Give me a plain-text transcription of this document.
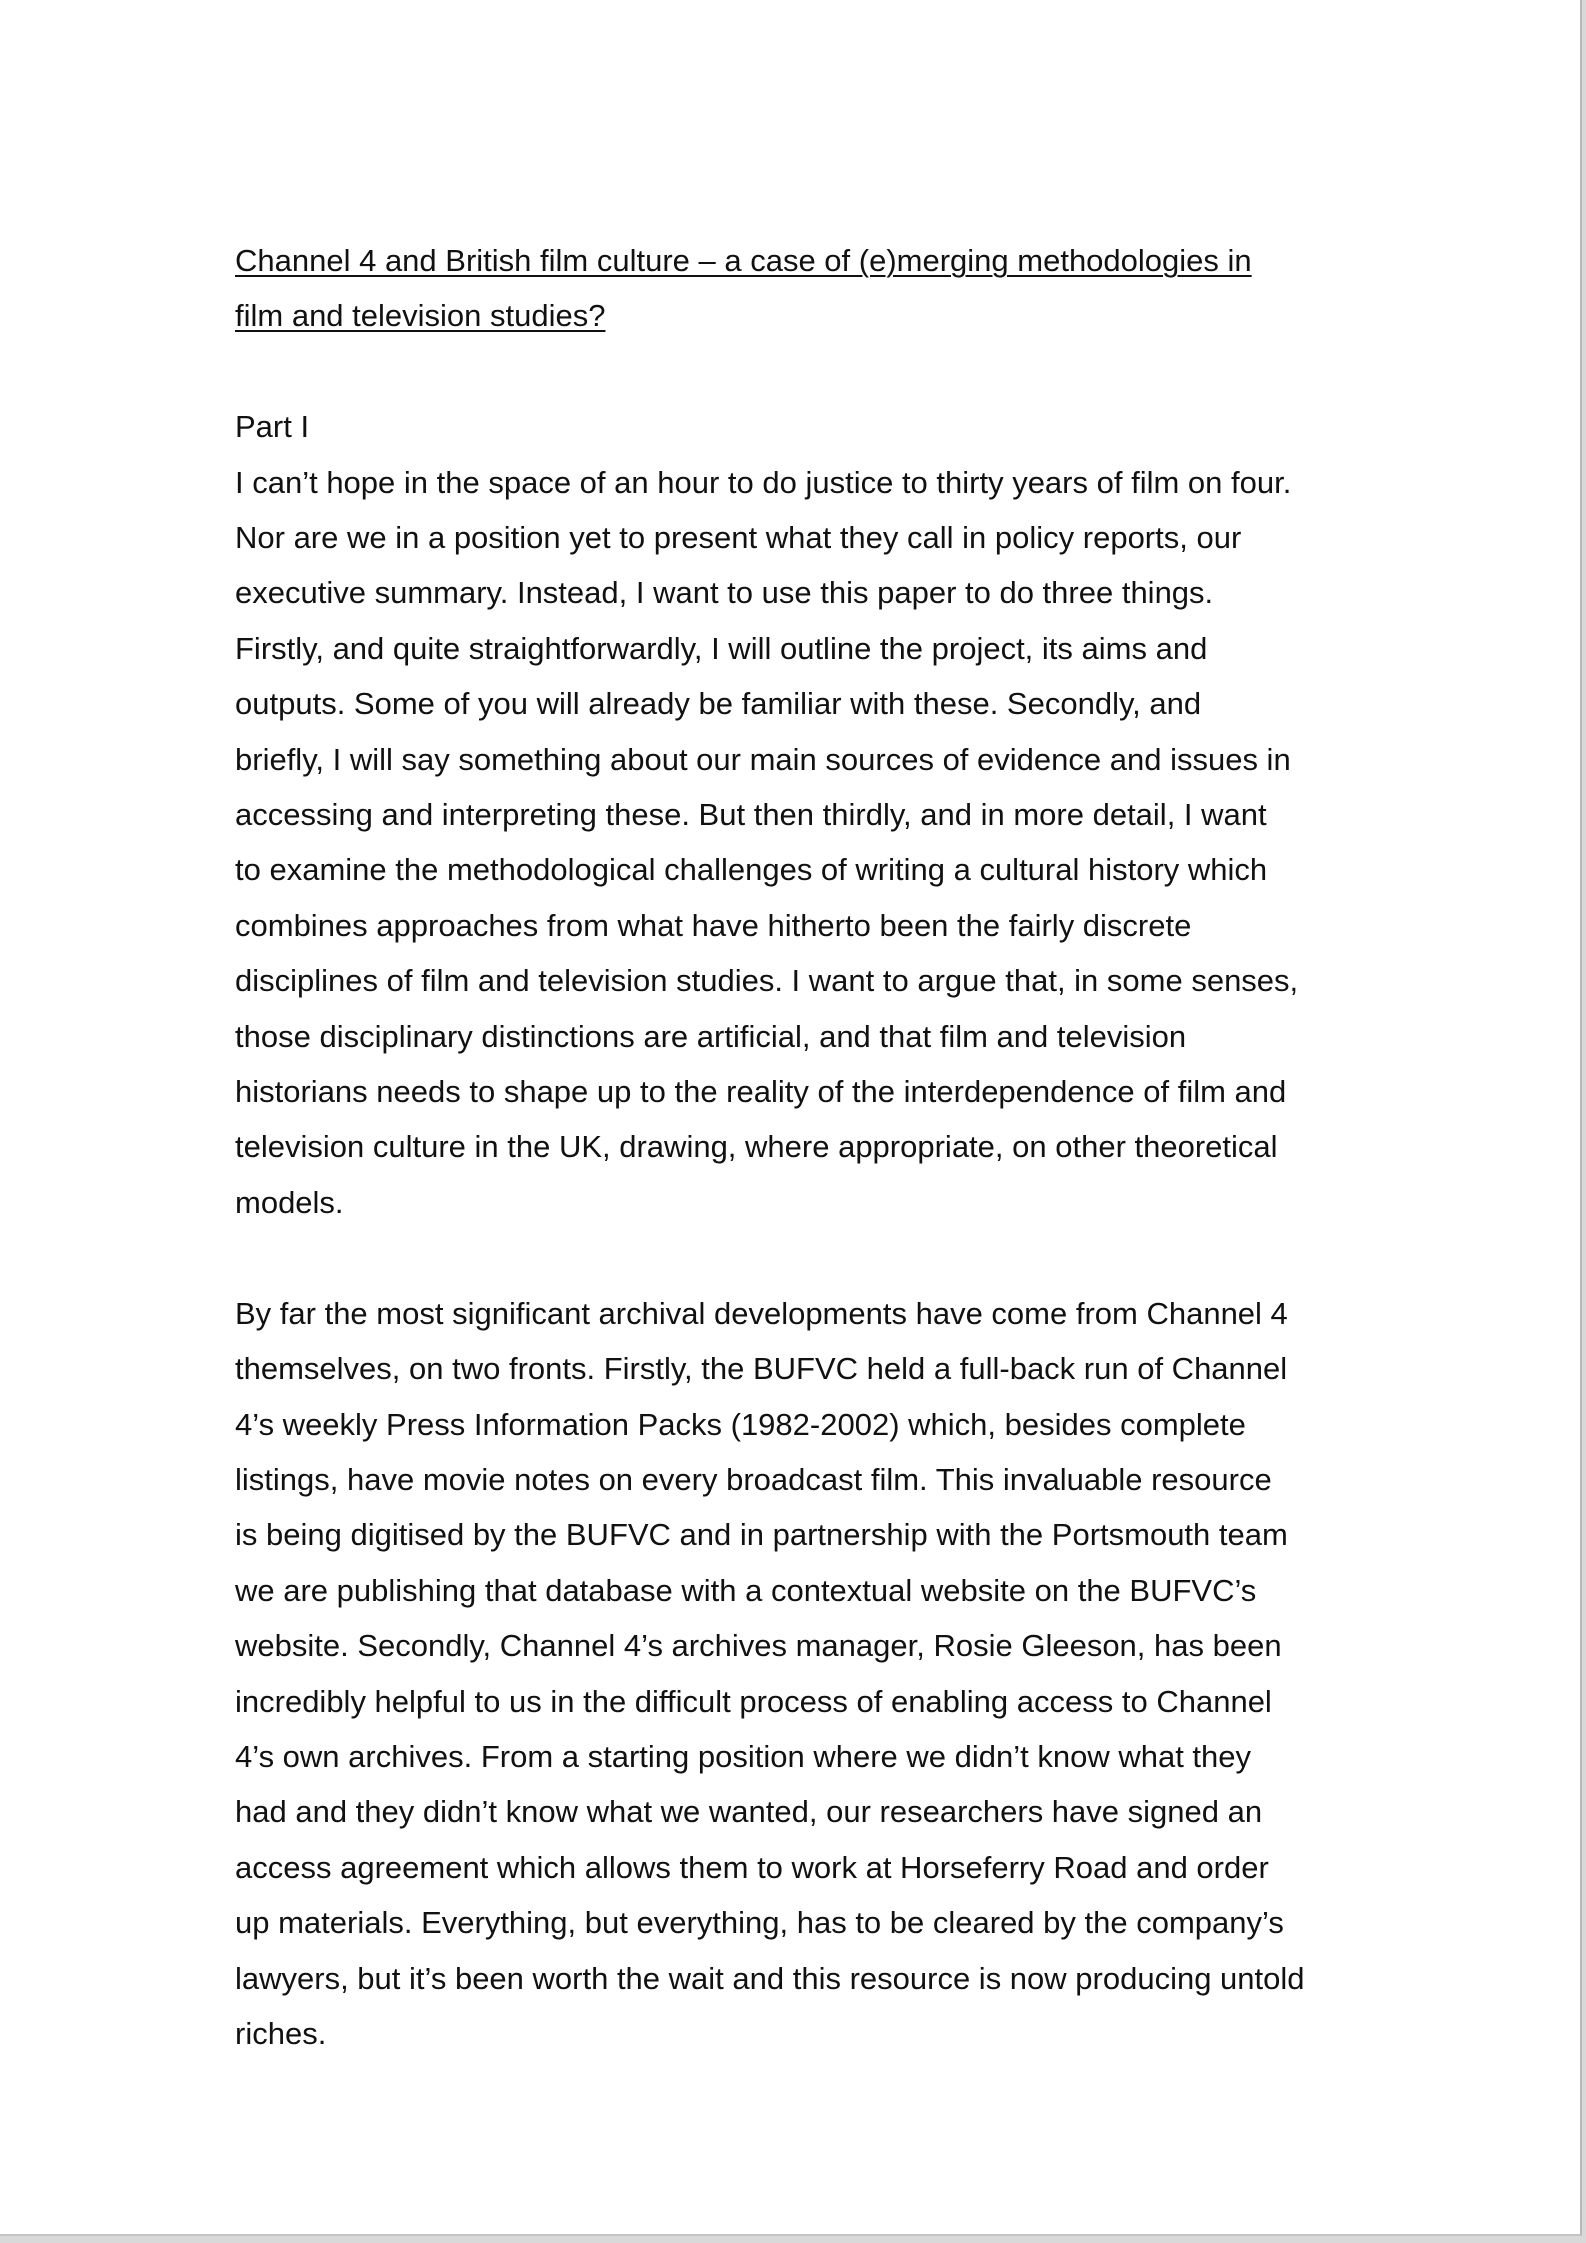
Channel 4 and British film culture – a case of (e)merging methodologies in

film and television studies?

Part I

I can’t hope in the space of an hour to do justice to thirty years of film on four.

Nor are we in a position yet to present what they call in policy reports, our

executive summary. Instead, I want to use this paper to do three things.

Firstly, and quite straightforwardly, I will outline the project, its aims and

outputs. Some of you will already be familiar with these. Secondly, and

briefly, I will say something about our main sources of evidence and issues in

accessing and interpreting these. But then thirdly, and in more detail, I want

to examine the methodological challenges of writing a cultural history which

combines approaches from what have hitherto been the fairly discrete

disciplines of film and television studies. I want to argue that, in some senses,

those disciplinary distinctions are artificial, and that film and television

historians needs to shape up to the reality of the interdependence of film and

television culture in the UK, drawing, where appropriate, on other theoretical

models.

By far the most significant archival developments have come from Channel 4

themselves, on two fronts. Firstly, the BUFVC held a full-back run of Channel

4’s weekly Press Information Packs (1982-2002) which, besides complete

listings, have movie notes on every broadcast film. This invaluable resource

is being digitised by the BUFVC and in partnership with the Portsmouth team

we are publishing that database with a contextual website on the BUFVC’s

website. Secondly, Channel 4’s archives manager, Rosie Gleeson, has been

incredibly helpful to us in the difficult process of enabling access to Channel

4’s own archives. From a starting position where we didn’t know what they

had and they didn’t know what we wanted, our researchers have signed an

access agreement which allows them to work at Horseferry Road and order

up materials. Everything, but everything, has to be cleared by the company’s

lawyers, but it’s been worth the wait and this resource is now producing untold

riches.
